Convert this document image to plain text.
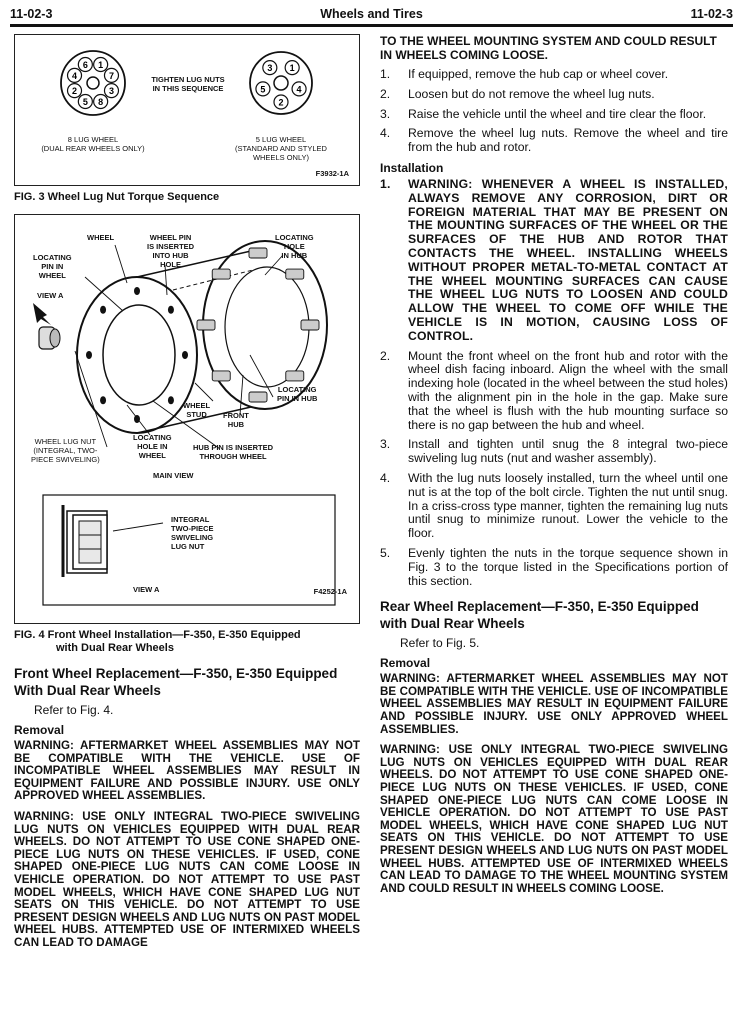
11-02-3	Wheels and Tires	11-02-3
1
7
3
8
5
2
4
6	1
4
2
5
3
TIGHTEN LUG NUTS
IN THIS SEQUENCE
8 LUG WHEEL
(DUAL REAR WHEELS ONLY)
5 LUG WHEEL
(STANDARD AND STYLED
WHEELS ONLY)
F3932-1A
FIG. 3 Wheel Lug Nut Torque Sequence
WHEEL	WHEEL PIN
IS INSERTED
INTO HUB
HOLE
LOCATING
HOLE
IN HUB
LOCATING
PIN IN
WHEEL
VIEW A
LOCATING
PIN IN HUB
WHEEL
STUD	FRONT
HUB
WHEEL LUG NUT
(INTEGRAL, TWO-
PIECE SWIVELING)
LOCATING
HOLE IN
WHEEL
HUB PIN IS INSERTED
THROUGH WHEEL
MAIN VIEW
INTEGRAL
TWO-PIECE
SWIVELING
LUG NUT
VIEW A	F4252-1A
FIG. 4 Front Wheel Installation—F-350, E-350 Equipped
with Dual Rear Wheels
Front Wheel Replacement—F-350, E-350 Equipped With Dual Rear Wheels

Refer to Fig. 4.

Removal

WARNING: AFTERMARKET WHEEL ASSEMBLIES MAY NOT BE COMPATIBLE WITH THE VEHICLE. USE OF INCOMPATIBLE WHEEL ASSEMBLIES MAY RESULT IN EQUIPMENT FAILURE AND POSSIBLE INJURY. USE ONLY APPROVED WHEEL ASSEMBLIES.

WARNING: USE ONLY INTEGRAL TWO-PIECE SWIVELING LUG NUTS ON VEHICLES EQUIPPED WITH DUAL REAR WHEELS. DO NOT ATTEMPT TO USE CONE SHAPED ONE-PIECE LUG NUTS ON THESE VEHICLES. IF USED, CONE SHAPED ONE-PIECE LUG NUTS CAN COME LOOSE IN VEHICLE OPERATION. DO NOT ATTEMPT TO USE PAST MODEL WHEELS, WHICH HAVE CONE SHAPED LUG NUT SEATS ON THIS VEHICLE. DO NOT ATTEMPT TO USE PRESENT DESIGN WHEELS AND LUG NUTS ON PAST MODEL WHEEL HUBS. ATTEMPTED USE OF INTERMIXED WHEELS CAN LEAD TO DAMAGE

TO THE WHEEL MOUNTING SYSTEM AND COULD RESULT IN WHEELS COMING LOOSE.

1. If equipped, remove the hub cap or wheel cover.
2. Loosen but do not remove the wheel lug nuts.
3. Raise the vehicle until the wheel and tire clear the floor.
4. Remove the wheel lug nuts. Remove the wheel and tire from the hub and rotor.
Installation
1. WARNING: WHENEVER A WHEEL IS INSTALLED, ALWAYS REMOVE ANY CORROSION, DIRT OR FOREIGN MATERIAL THAT MAY BE PRESENT ON THE MOUNTING SURFACES OF THE WHEEL OR THE SURFACES OF THE HUB AND ROTOR THAT CONTACTS THE WHEEL. INSTALLING WHEELS WITHOUT PROPER METAL-TO-METAL CONTACT AT THE WHEEL MOUNTING SURFACES CAN CAUSE THE WHEEL LUG NUTS TO LOOSEN AND COULD ALLOW THE WHEEL TO COME OFF WHILE THE VEHICLE IS IN MOTION, CAUSING LOSS OF CONTROL.
2. Mount the front wheel on the front hub and rotor with the wheel dish facing inboard. Align the wheel with the small indexing hole (located in the wheel between the stud holes) with the alignment pin in the hole in the gap. Make sure that the wheel is flush with the hub mounting surface so there is no gap between the hub and wheel.
3. Install and tighten until snug the 8 integral two-piece swiveling lug nuts (nut and washer assembly).
4. With the lug nuts loosely installed, turn the wheel until one nut is at the top of the bolt circle. Tighten the nut until snug. In a criss-cross type manner, tighten the remaining lug nuts until snug to minimize runout. Lower the vehicle to the floor.
5. Evenly tighten the nuts in the torque sequence shown in Fig. 3 to the torque listed in the Specifications portion of this section.
Rear Wheel Replacement—F-350, E-350 Equipped with Dual Rear Wheels

Refer to Fig. 5.

Removal

WARNING: AFTERMARKET WHEEL ASSEMBLIES MAY NOT BE COMPATIBLE WITH THE VEHICLE. USE OF INCOMPATIBLE WHEEL ASSEMBLIES MAY RESULT IN EQUIPMENT FAILURE AND POSSIBLE INJURY. USE ONLY APPROVED WHEEL ASSEMBLIES.

WARNING: USE ONLY INTEGRAL TWO-PIECE SWIVELING LUG NUTS ON VEHICLES EQUIPPED WITH DUAL REAR WHEELS. DO NOT ATTEMPT TO USE CONE SHAPED ONE-PIECE LUG NUTS ON THESE VEHICLES. IF USED, CONE SHAPED ONE-PIECE LUG NUTS CAN COME LOOSE IN VEHICLE OPERATION. DO NOT ATTEMPT TO USE PAST MODEL WHEELS, WHICH HAVE CONE SHAPED LUG NUT SEATS ON THIS VEHICLE. DO NOT ATTEMPT TO USE PRESENT DESIGN WHEELS AND LUG NUTS ON PAST MODEL WHEEL HUBS. ATTEMPTED USE OF INTERMIXED WHEELS CAN LEAD TO DAMAGE TO THE WHEEL MOUNTING SYSTEM AND COULD RESULT IN WHEELS COMING LOOSE.
